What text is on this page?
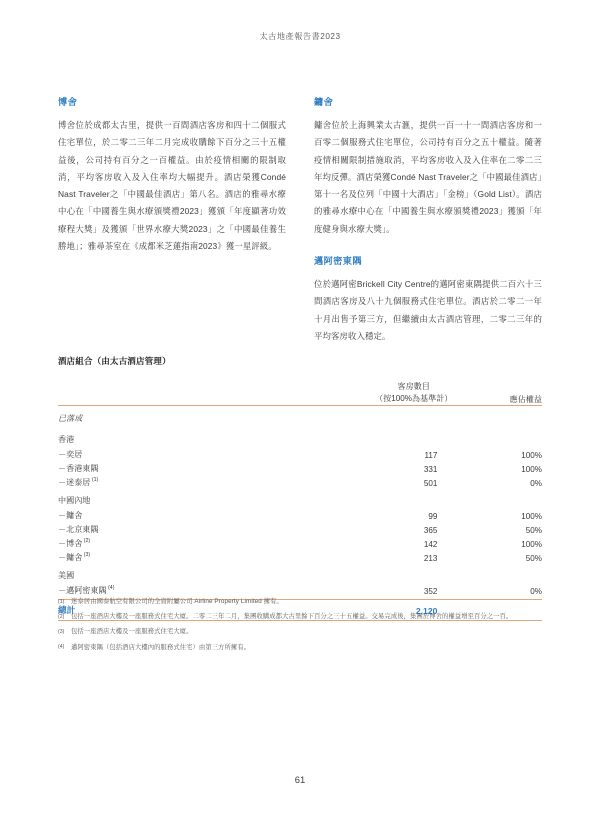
太古地產報告書2023
博舍

博舍位於成都太古里，提供一百間酒店客房和四十二個服式住宅單位，於二零二三年二月完成收購餘下百分之三十五權益後，公司持有百分之一百權益。由於疫情相關的限制取消，平均客房收入及入住率均大幅提升。酒店榮獲Condé Nast Traveler之「中國最佳酒店」第八名。酒店的雅尋水療中心在「中國養生與水療頒獎禮2023」獲頒「年度顯著功效療程大獎」及獲頒「世界水療大獎2023」之「中國最佳養生勝地」；雅尋茶室在《成都米芝蓮指南2023》獲一星評級。

鏞舍

鏞舍位於上海興業太古滙，提供一百一十一間酒店客房和一百零二個服務式住宅單位，公司持有百分之五十權益。隨著疫情相關限制措施取消，平均客房收入及入住率在二零二三年均反彈。酒店榮獲Condé Nast Traveler之「中國最佳酒店」第十一名及位列「中國十大酒店」「金榜」（Gold List）。酒店的雅尋水療中心在「中國養生與水療頒獎禮2023」獲頒「年度健身與水療大獎」。

邁阿密東隅

位於邁阿密Brickell City Centre的邁阿密東隅提供二百六十三間酒店客房及八十九個服務式住宅單位。酒店於二零二一年十月出售予第三方，但繼續由太古酒店管理，二零二三年的平均客房收入穩定。

酒店組合（由太古酒店管理）

	客房數目
（按100%為基準計）	應佔權益
已落成		
香港		
－奕居	117	100%
－香港東隅	331	100%
－迷泰居 $^{(1)}$	501	0%
中國內地		
－鏞舍	99	100%
－北京東隅	365	50%
－博舍 $^{(2)}$	142	100%
－鏞舍 $^{(3)}$	213	50%
美國		
－邁阿密東隅 $^{(4)}$	352	0%
總計	2,120	
(1)	迷泰居由國泰航空有限公司的全資附屬公司 Airline Property Limited 擁有。
(2)	包括一座酒店大樓及一座服務式住宅大廈。二零二三年二月，集團收購成都大古里餘下百分之三十五權益。交易完成後，集團於博舍的權益增至百分之一百。
(3)	包括一座酒店大樓及一座服務式住宅大廈。
(4)	邁阿密東隅（包括酒店大樓內的服務式住宅）由第三方所擁有。
61
